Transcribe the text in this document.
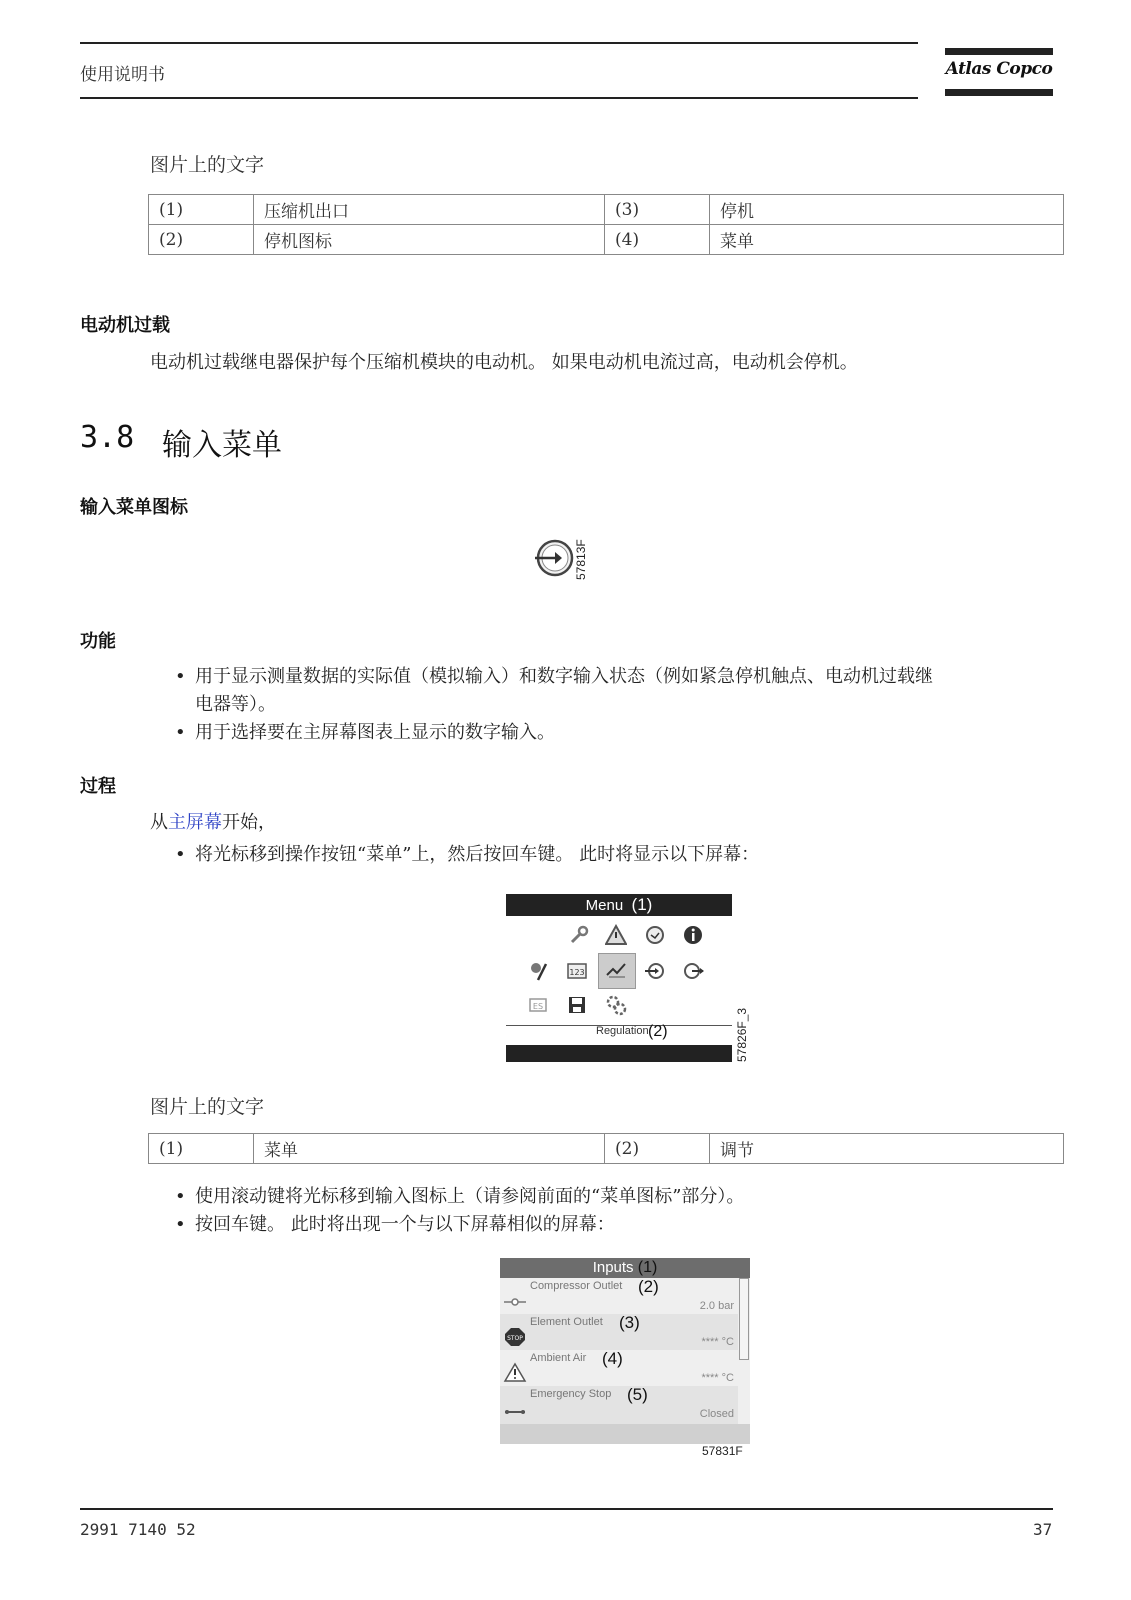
使用说明书	Atlas Copco
图片上的文字
(1)	压缩机出口	(3)	停机
(2)	停机图标	(4)	菜单
电动机过载
电动机过载继电器保护每个压缩机模块的电动机。 如果电动机电流过高，电动机会停机。
3.8 输入菜单
输入菜单图标
57813F
功能
• 用于显示测量数据的实际值（模拟输入）和数字输入状态（例如紧急停机触点、电动机过载继
电器等）。
• 用于选择要在主屏幕图表上显示的数字输入。
过程
从主屏幕开始，
• 将光标移到操作按钮“菜单”上，然后按回车键。 此时将显示以下屏幕：
Menu (1)
123
ES
Regulation (2)	57826F_3
图片上的文字
(1)	菜单	(2)	调节
• 使用滚动键将光标移到输入图标上（请参阅前面的“菜单图标”部分）。
• 按回车键。 此时将出现一个与以下屏幕相似的屏幕：
Inputs (1)
Compressor Outlet (2)
2.0 bar
STOP
Element Outlet (3)
**** °C
Ambient Air (4)
**** °C
Emergency Stop (5)
Closed
57831F
2991 7140 52	37
